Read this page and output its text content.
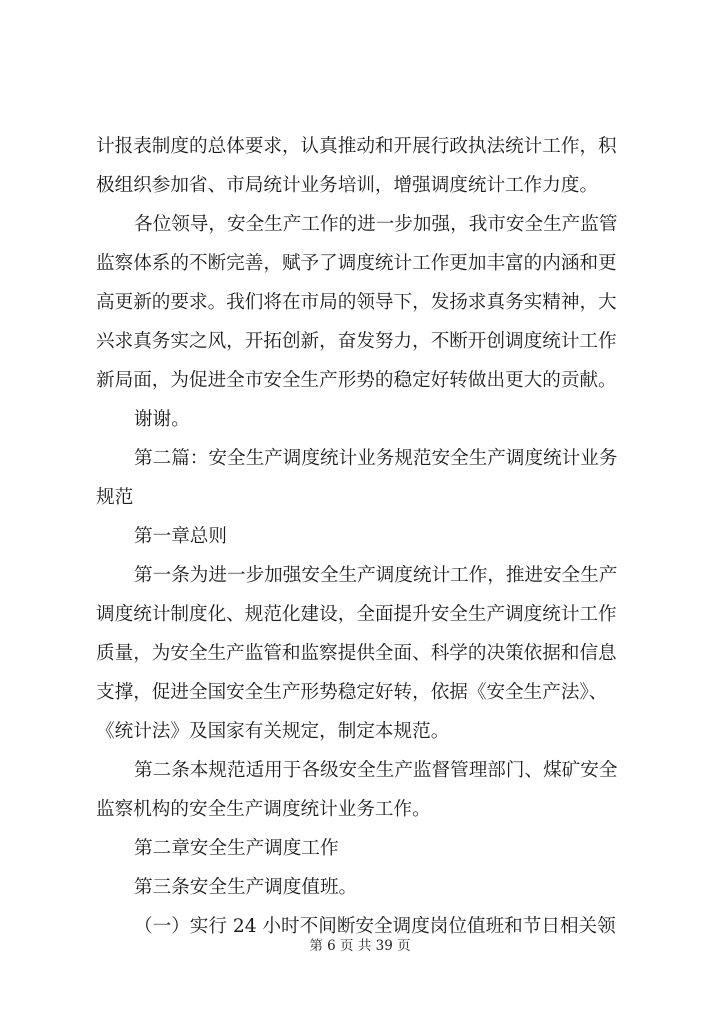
计报表制度的总体要求，认真推动和开展行政执法统计工作，积
极组织参加省、市局统计业务培训，增强调度统计工作力度。
各位领导，安全生产工作的进一步加强，我市安全生产监管
监察体系的不断完善，赋予了调度统计工作更加丰富的内涵和更
高更新的要求。我们将在市局的领导下，发扬求真务实精神，大
兴求真务实之风，开拓创新，奋发努力，不断开创调度统计工作
新局面，为促进全市安全生产形势的稳定好转做出更大的贡献。
谢谢。
第二篇：安全生产调度统计业务规范安全生产调度统计业务
规范
第一章总则
第一条为进一步加强安全生产调度统计工作，推进安全生产
调度统计制度化、规范化建设，全面提升安全生产调度统计工作
质量，为安全生产监管和监察提供全面、科学的决策依据和信息
支撑，促进全国安全生产形势稳定好转，依据《安全生产法》、
《统计法》及国家有关规定，制定本规范。
第二条本规范适用于各级安全生产监督管理部门、煤矿安全
监察机构的安全生产调度统计业务工作。
第二章安全生产调度工作
第三条安全生产调度值班。
（一）实行 24 小时不间断安全调度岗位值班和节日相关领
第 6 页 共 39 页
